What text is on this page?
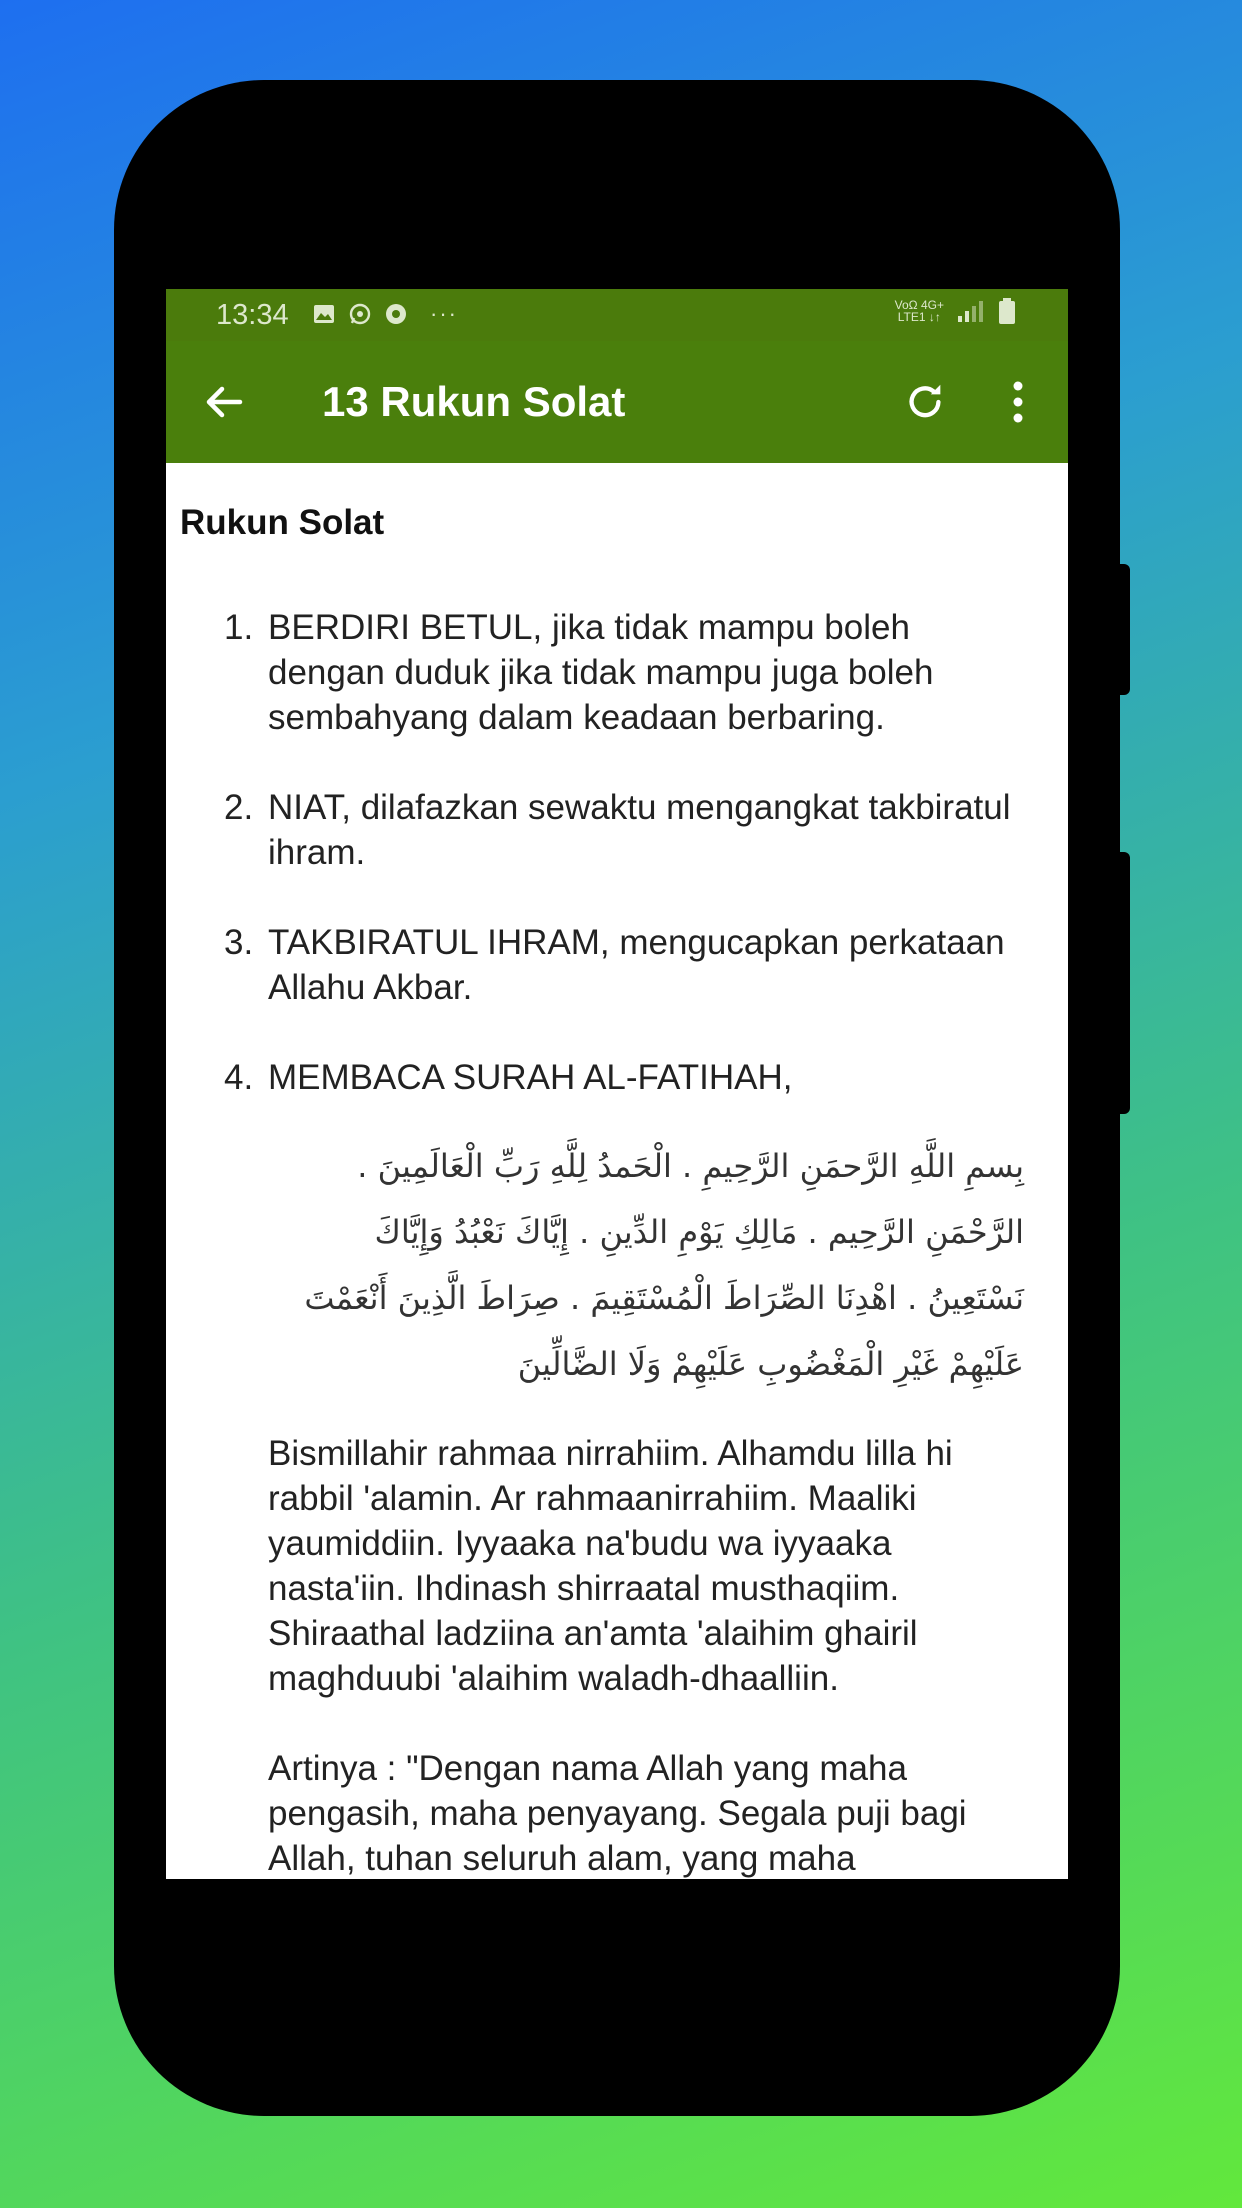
13:34	···	VoΩ 4G+
LTE1 ↓↑
13 Rukun Solat
Rukun Solat
1. BERDIRI BETUL, jika tidak mampu boleh dengan duduk jika tidak mampu juga boleh sembahyang dalam keadaan berbaring.
2. NIAT, dilafazkan sewaktu mengangkat takbiratul ihram.
3. TAKBIRATUL IHRAM, mengucapkan perkataan Allahu Akbar.
4. MEMBACA SURAH AL-FATIHAH,
بِسمِ اللَّهِ الرَّحمَنِ الرَّحِيمِ . الْحَمدُ لِلَّهِ رَبِّ الْعَالَمِينَ . الرَّحْمَنِ الرَّحِيم . مَالِكِ يَوْمِ الدِّينِ . إِيَّاكَ نَعْبُدُ وَإِيَّاكَ نَسْتَعِينُ . اهْدِنَا الصِّرَاطَ الْمُسْتَقِيمَ . صِرَاطَ الَّذِينَ أَنْعَمْتَ عَلَيْهِمْ غَيْرِ الْمَغْضُوبِ عَلَيْهِمْ وَلَا الضَّالِّينَ
Bismillahir rahmaa nirrahiim. Alhamdu lilla hi rabbil 'alamin. Ar rahmaanirrahiim. Maaliki yaumiddiin. Iyyaaka na'budu wa iyyaaka nasta'iin. Ihdinash shirraatal musthaqiim. Shiraathal ladziina an'amta 'alaihim ghairil maghduubi 'alaihim waladh-dhaalliin.
Artinya : "Dengan nama Allah yang maha pengasih, maha penyayang. Segala puji bagi Allah, tuhan seluruh alam, yang maha
